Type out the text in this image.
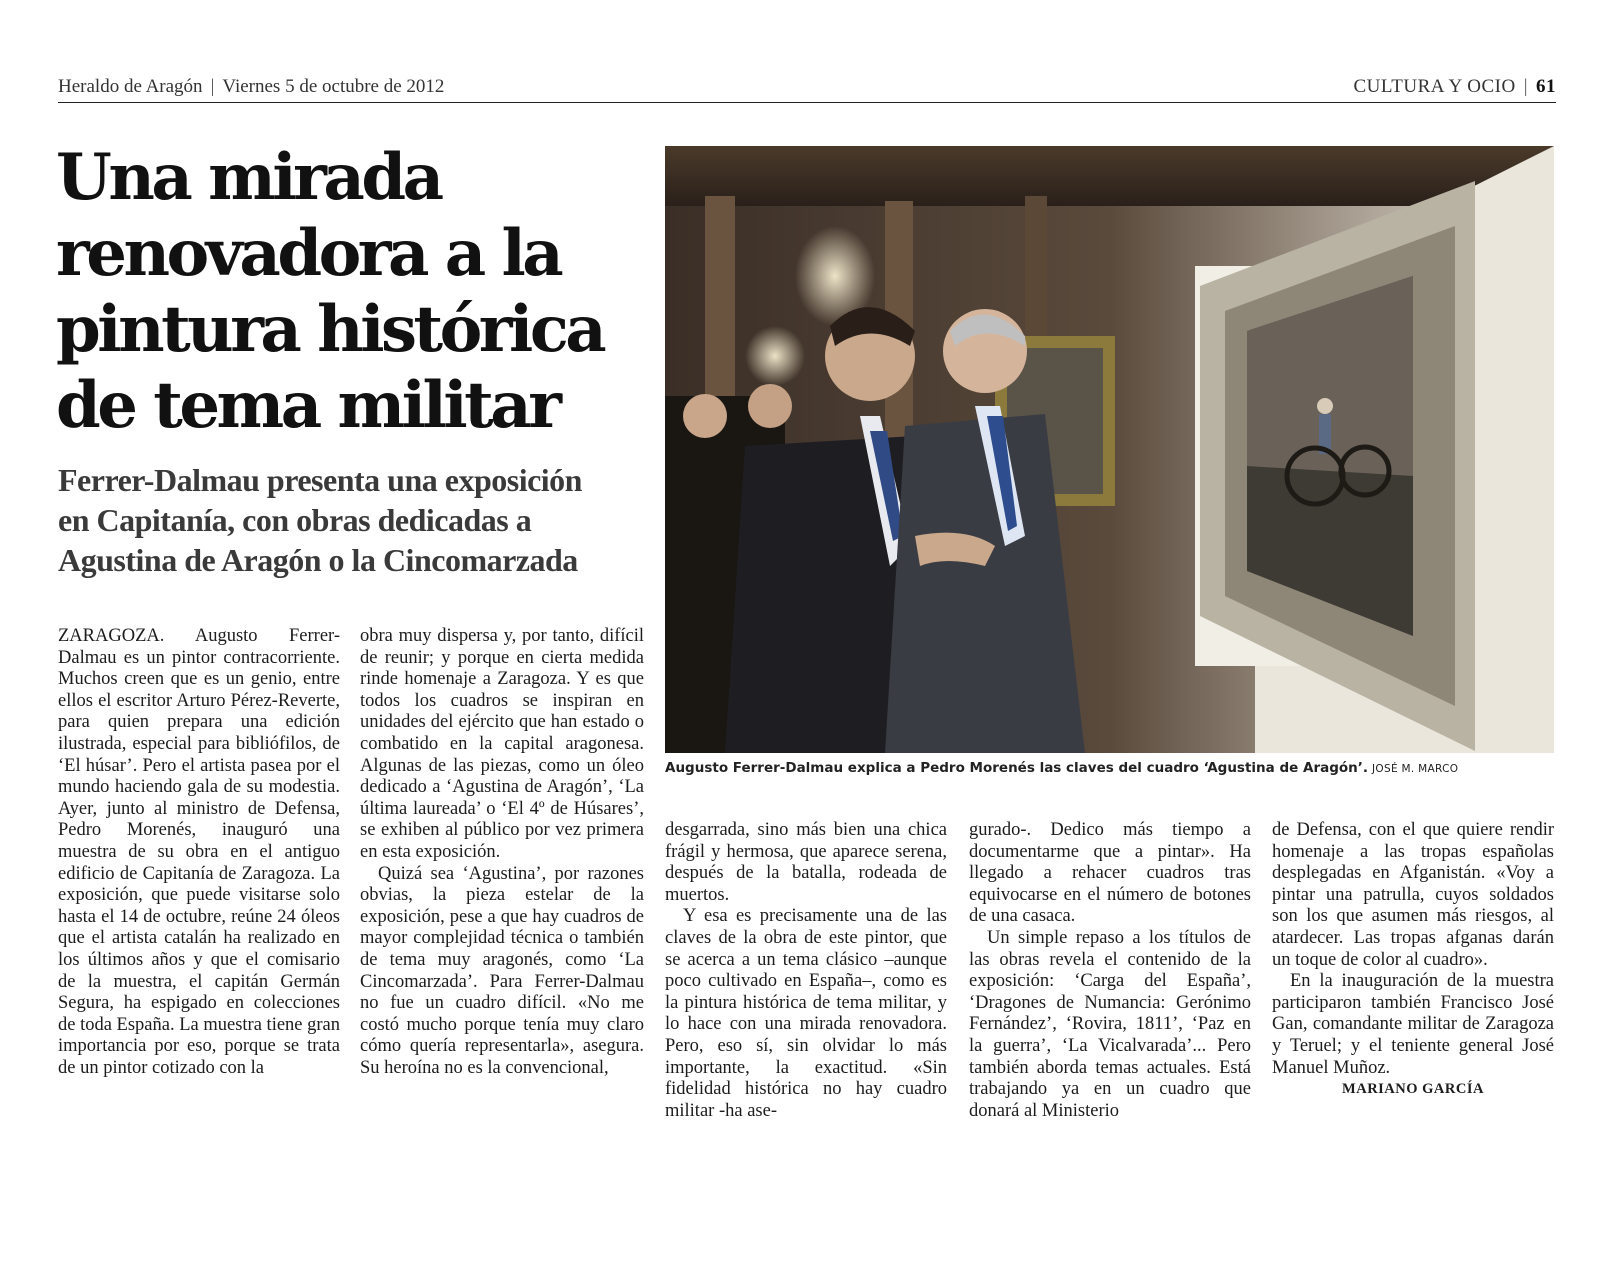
Heraldo de Aragón | Viernes 5 de octubre de 2012	CULTURA Y OCIO | 61
Una mirada renovadora a la pintura histórica de tema militar
Ferrer-Dalmau presenta una exposición en Capitanía, con obras dedicadas a Agustina de Aragón o la Cincomarzada
Augusto Ferrer-Dalmau explica a Pedro Morenés las claves del cuadro ‘Agustina de Aragón’. JOSÉ M. MARCO

ZARAGOZA. Augusto Ferrer-Dalmau es un pintor contracorriente. Muchos creen que es un genio, entre ellos el escritor Arturo Pérez-Reverte, para quien prepara una edición ilustrada, especial para bibliófilos, de ‘El húsar’. Pero el artista pasea por el mundo haciendo gala de su modestia. Ayer, junto al ministro de Defensa, Pedro Morenés, inauguró una muestra de su obra en el antiguo edificio de Capitanía de Zaragoza. La exposición, que puede visitarse solo hasta el 14 de octubre, reúne 24 óleos que el artista catalán ha realizado en los últimos años y que el comisario de la muestra, el capitán Germán Segura, ha espigado en colecciones de toda España. La muestra tiene gran importancia por eso, porque se trata de un pintor cotizado con la

obra muy dispersa y, por tanto, difícil de reunir; y porque en cierta medida rinde homenaje a Zaragoza. Y es que todos los cuadros se inspiran en unidades del ejército que han estado o combatido en la capital aragonesa. Algunas de las piezas, como un óleo dedicado a ‘Agustina de Aragón’, ‘La última laureada’ o ‘El 4º de Húsares’, se exhiben al público por vez primera en esta exposición.

Quizá sea ‘Agustina’, por razones obvias, la pieza estelar de la exposición, pese a que hay cuadros de mayor complejidad técnica o también de tema muy aragonés, como ‘La Cincomarzada’. Para Ferrer-Dalmau no fue un cuadro difícil. «No me costó mucho porque tenía muy claro cómo quería representarla», asegura. Su heroína no es la convencional,

desgarrada, sino más bien una chica frágil y hermosa, que aparece serena, después de la batalla, rodeada de muertos.

Y esa es precisamente una de las claves de la obra de este pintor, que se acerca a un tema clásico –aunque poco cultivado en España–, como es la pintura histórica de tema militar, y lo hace con una mirada renovadora. Pero, eso sí, sin olvidar lo más importante, la exactitud. «Sin fidelidad histórica no hay cuadro militar -ha ase-

gurado-. Dedico más tiempo a documentarme que a pintar». Ha llegado a rehacer cuadros tras equivocarse en el número de botones de una casaca.

Un simple repaso a los títulos de las obras revela el contenido de la exposición: ‘Carga del España’, ‘Dragones de Numancia: Gerónimo Fernández’, ‘Rovira, 1811’, ‘Paz en la guerra’, ‘La Vicalvarada’... Pero también aborda temas actuales. Está trabajando ya en un cuadro que donará al Ministerio

de Defensa, con el que quiere rendir homenaje a las tropas españolas desplegadas en Afganistán. «Voy a pintar una patrulla, cuyos soldados son los que asumen más riesgos, al atardecer. Las tropas afganas darán un toque de color al cuadro».

En la inauguración de la muestra participaron también Francisco José Gan, comandante militar de Zaragoza y Teruel; y el teniente general José Manuel Muñoz.

MARIANO GARCÍA
